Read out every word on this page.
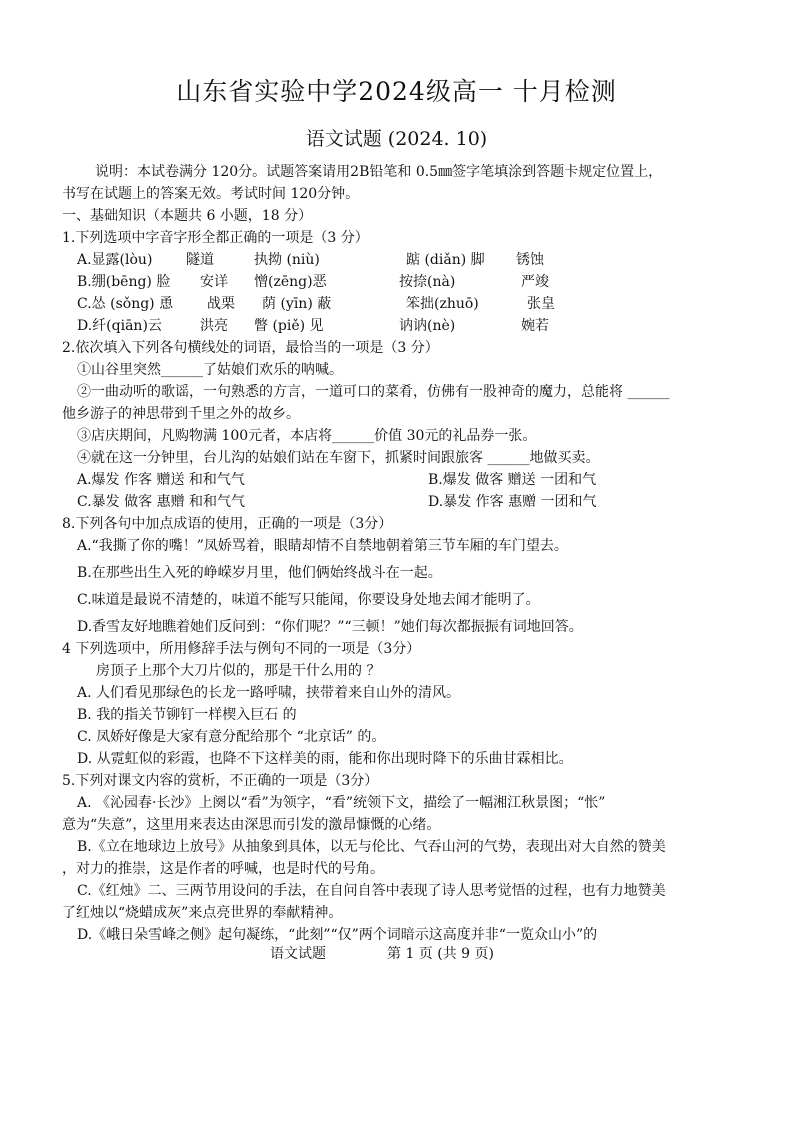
山东省实验中学2024级高一 十月检测
语文试题 (2024. 10)
说明：本试卷满分 120分。试题答案请用2B铅笔和 0.5㎜签字笔填涂到答题卡规定位置上，
书写在试题上的答案无效。考试时间 120分钟。
一、基础知识（本题共 6 小题，18 分）
1.下列选项中字音字形全都正确的一项是（3 分）
A.显露(lòu) 隧道	执拗 (niù)	踮 (diǎn) 脚 锈蚀
B.绷(bēng) 脸 安详 憎(zēng)恶	按捺(nà)	严竣
C.怂 (sǒng) 恿 战栗 荫 (yīn) 蔽	笨拙(zhuō)	张皇
D.纤(qiān)云	洪亮 瞥 (piě) 见	讷讷(nè)	婉若
2.依次填入下列各句横线处的词语，最恰当的一项是（3 分）
①山谷里突然______了姑娘们欢乐的呐喊。
②一曲动听的歌谣，一句熟悉的方言，一道可口的菜肴，仿佛有一股神奇的魔力，总能将 ______
他乡游子的神思带到千里之外的故乡。
③店庆期间，凡购物满 100元者，本店将______价值 30元的礼品券一张。
④就在这一分钟里，台儿沟的姑娘们站在车窗下，抓紧时间跟旅客 ______地做买卖。
A.爆发 作客 赠送 和和气气	B.爆发 做客 赠送 一团和气
C.暴发 做客 惠赠 和和气气	D.暴发 作客 惠赠 一团和气
8.下列各句中加点成语的使用，正确的一项是（3分）
A.“我撕了你的嘴！”凤娇骂着，眼睛却情不自禁地朝着第三节车厢的车门望去。
B.在那些出生入死的峥嵘岁月里，他们俩始终战斗在一起。
C.味道是最说不清楚的，味道不能写只能闻，你要设身处地去闻才能明了。
D.香雪友好地瞧着她们反问到：“你们呢？”“三顿！”她们每次都振振有词地回答。
4 下列选项中，所用修辞手法与例句不同的一项是（3分）
房顶子上那个大刀片似的，那是干什么用的 ？
A. 人们看见那绿色的长龙一路呼啸，挟带着来自山外的清风。
B. 我的指关节铆钉一样楔入巨石 的
C. 凤娇好像是大家有意分配给那个 “北京话” 的。
D. 从霓虹似的彩霞，也降不下这样美的雨，能和你出现时降下的乐曲甘霖相比。
5.下列对课文内容的赏析，不正确的一项是（3分）
A. 《沁园春·长沙》上阕以“看”为领字，“看”统领下文，描绘了一幅湘江秋景图；“怅”
意为“失意”，这里用来表达由深思而引发的激昂慷慨的心绪。
B.《立在地球边上放号》从抽象到具体，以无与伦比、气吞山河的气势，表现出对大自然的赞美
，对力的推崇，这是作者的呼喊，也是时代的号角。
C.《红烛》二、三两节用设问的手法，在自问自答中表现了诗人思考觉悟的过程，也有力地赞美
了红烛以“烧蜡成灰”来点亮世界的奉献精神。
D.《峨日朵雪峰之侧》起句凝练，“此刻”“仅”两个词暗示这高度并非“一览众山小”的
语文试题	第 1 页 (共 9 页)
